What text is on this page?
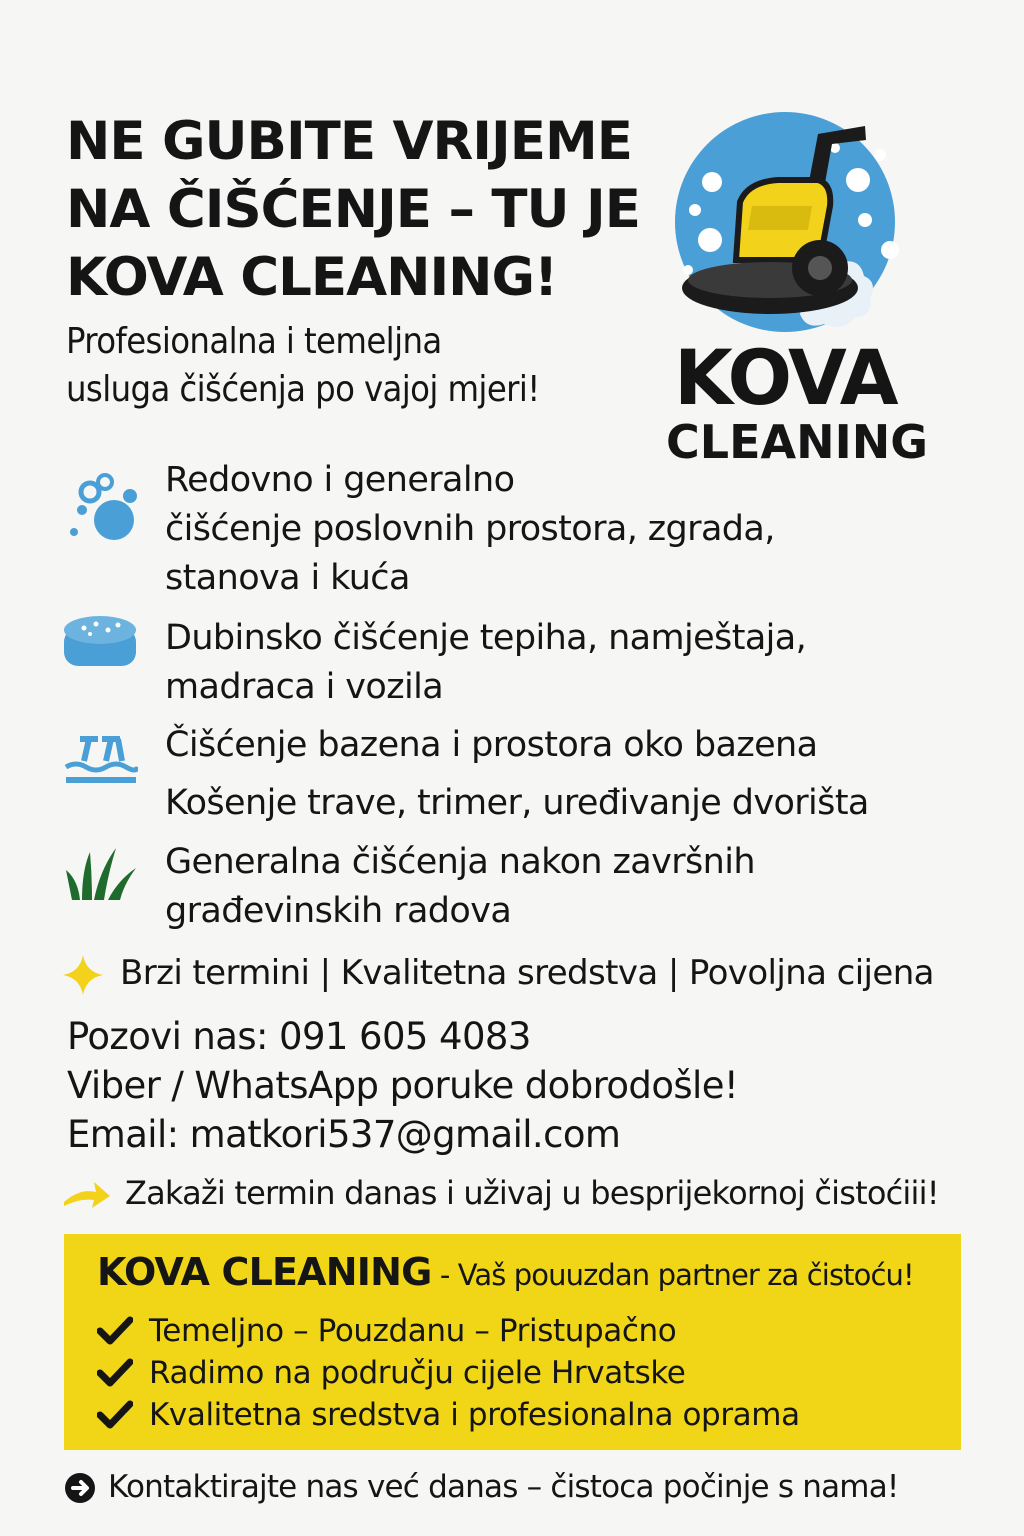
NE GUBITE VRIJEME
NA ČIŠĆENJE – TU JE
KOVA CLEANING!
Profesionalna i temeljna
usluga čišćenja po vajoj mjeri!	KOVA
CLEANING
Redovno i generalno
čišćenje poslovnih prostora, zgrada,
stanova i kuća
Dubinsko čišćenje tepiha, namještaja,
madraca i vozila
Čišćenje bazena i prostora oko bazena
Košenje trave, trimer, uređivanje dvorišta
Generalna čišćenja nakon završnih
građevinskih radova
Brzi termini | Kvalitetna sredstva | Povoljna cijena
Pozovi nas: 091 605 4083
Viber / WhatsApp poruke dobrodošle!
Email: matkori537@gmail.com
Zakaži termin danas i uživaj u besprijekornoj čistoćiii!
KOVA CLEANING - Vaš pouuzdan partner za čistoću!
Temeljno – Pouzdanu – Pristupačno
Radimo na području cijele Hrvatske
Kvalitetna sredstva i profesionalna oprama
Kontaktirajte nas već danas – čistoca počinje s nama!
